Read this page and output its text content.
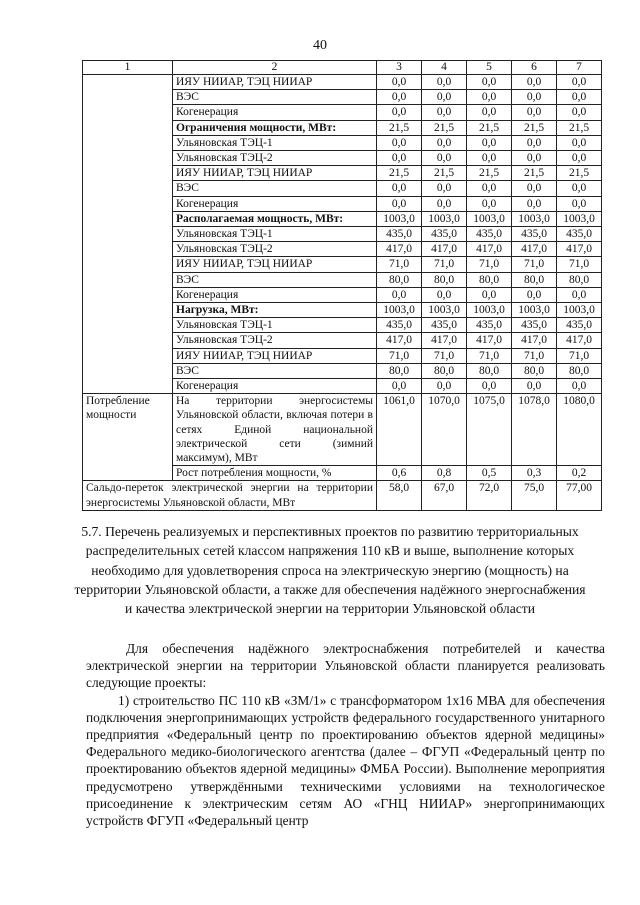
40
1	2	3	4	5	6	7
	ИЯУ НИИАР, ТЭЦ НИИАР	0,0	0,0	0,0	0,0	0,0
	ВЭС	0,0	0,0	0,0	0,0	0,0
	Когенерация	0,0	0,0	0,0	0,0	0,0
	Ограничения мощности, МВт:	21,5	21,5	21,5	21,5	21,5
	Ульяновская ТЭЦ-1	0,0	0,0	0,0	0,0	0,0
	Ульяновская ТЭЦ-2	0,0	0,0	0,0	0,0	0,0
	ИЯУ НИИАР, ТЭЦ НИИАР	21,5	21,5	21,5	21,5	21,5
	ВЭС	0,0	0,0	0,0	0,0	0,0
	Когенерация	0,0	0,0	0,0	0,0	0,0
	Располагаемая мощность, МВт:	1003,0	1003,0	1003,0	1003,0	1003,0
	Ульяновская ТЭЦ-1	435,0	435,0	435,0	435,0	435,0
	Ульяновская ТЭЦ-2	417,0	417,0	417,0	417,0	417,0
	ИЯУ НИИАР, ТЭЦ НИИАР	71,0	71,0	71,0	71,0	71,0
	ВЭС	80,0	80,0	80,0	80,0	80,0
	Когенерация	0,0	0,0	0,0	0,0	0,0
	Нагрузка, МВт:	1003,0	1003,0	1003,0	1003,0	1003,0
	Ульяновская ТЭЦ-1	435,0	435,0	435,0	435,0	435,0
	Ульяновская ТЭЦ-2	417,0	417,0	417,0	417,0	417,0
	ИЯУ НИИАР, ТЭЦ НИИАР	71,0	71,0	71,0	71,0	71,0
	ВЭС	80,0	80,0	80,0	80,0	80,0
	Когенерация	0,0	0,0	0,0	0,0	0,0
Потребление мощности	На территории энергосистемы Ульяновской области, включая потери в сетях Единой национальной электрической сети (зимний максимум), МВт	1061,0	1070,0	1075,0	1078,0	1080,0
	Рост потребления мощности, %	0,6	0,8	0,5	0,3	0,2
Сальдо-переток электрической энергии на территории энергосистемы Ульяновской области, МВт		58,0	67,0	72,0	75,0	77,00
5.7. Перечень реализуемых и перспективных проектов по развитию территориальных распределительных сетей классом напряжения 110 кВ и выше, выполнение которых необходимо для удовлетворения спроса на электрическую энергию (мощность) на территории Ульяновской области, а также для обеспечения надёжного энергоснабжения и качества электрической энергии на территории Ульяновской области

Для обеспечения надёжного электроснабжения потребителей и качества электрической энергии на территории Ульяновской области планируется реализовать следующие проекты:

1) строительство ПС 110 кВ «ЗМ/1» с трансформатором 1х16 МВА для обеспечения подключения энергопринимающих устройств федерального государственного унитарного предприятия «Федеральный центр по проектированию объектов ядерной медицины» Федерального медико-биологического агентства (далее – ФГУП «Федеральный центр по проектированию объектов ядерной медицины» ФМБА России). Выполнение мероприятия предусмотрено утверждёнными техническими условиями на технологическое присоединение к электрическим сетям АО «ГНЦ НИИАР» энергопринимающих устройств ФГУП «Федеральный центр
